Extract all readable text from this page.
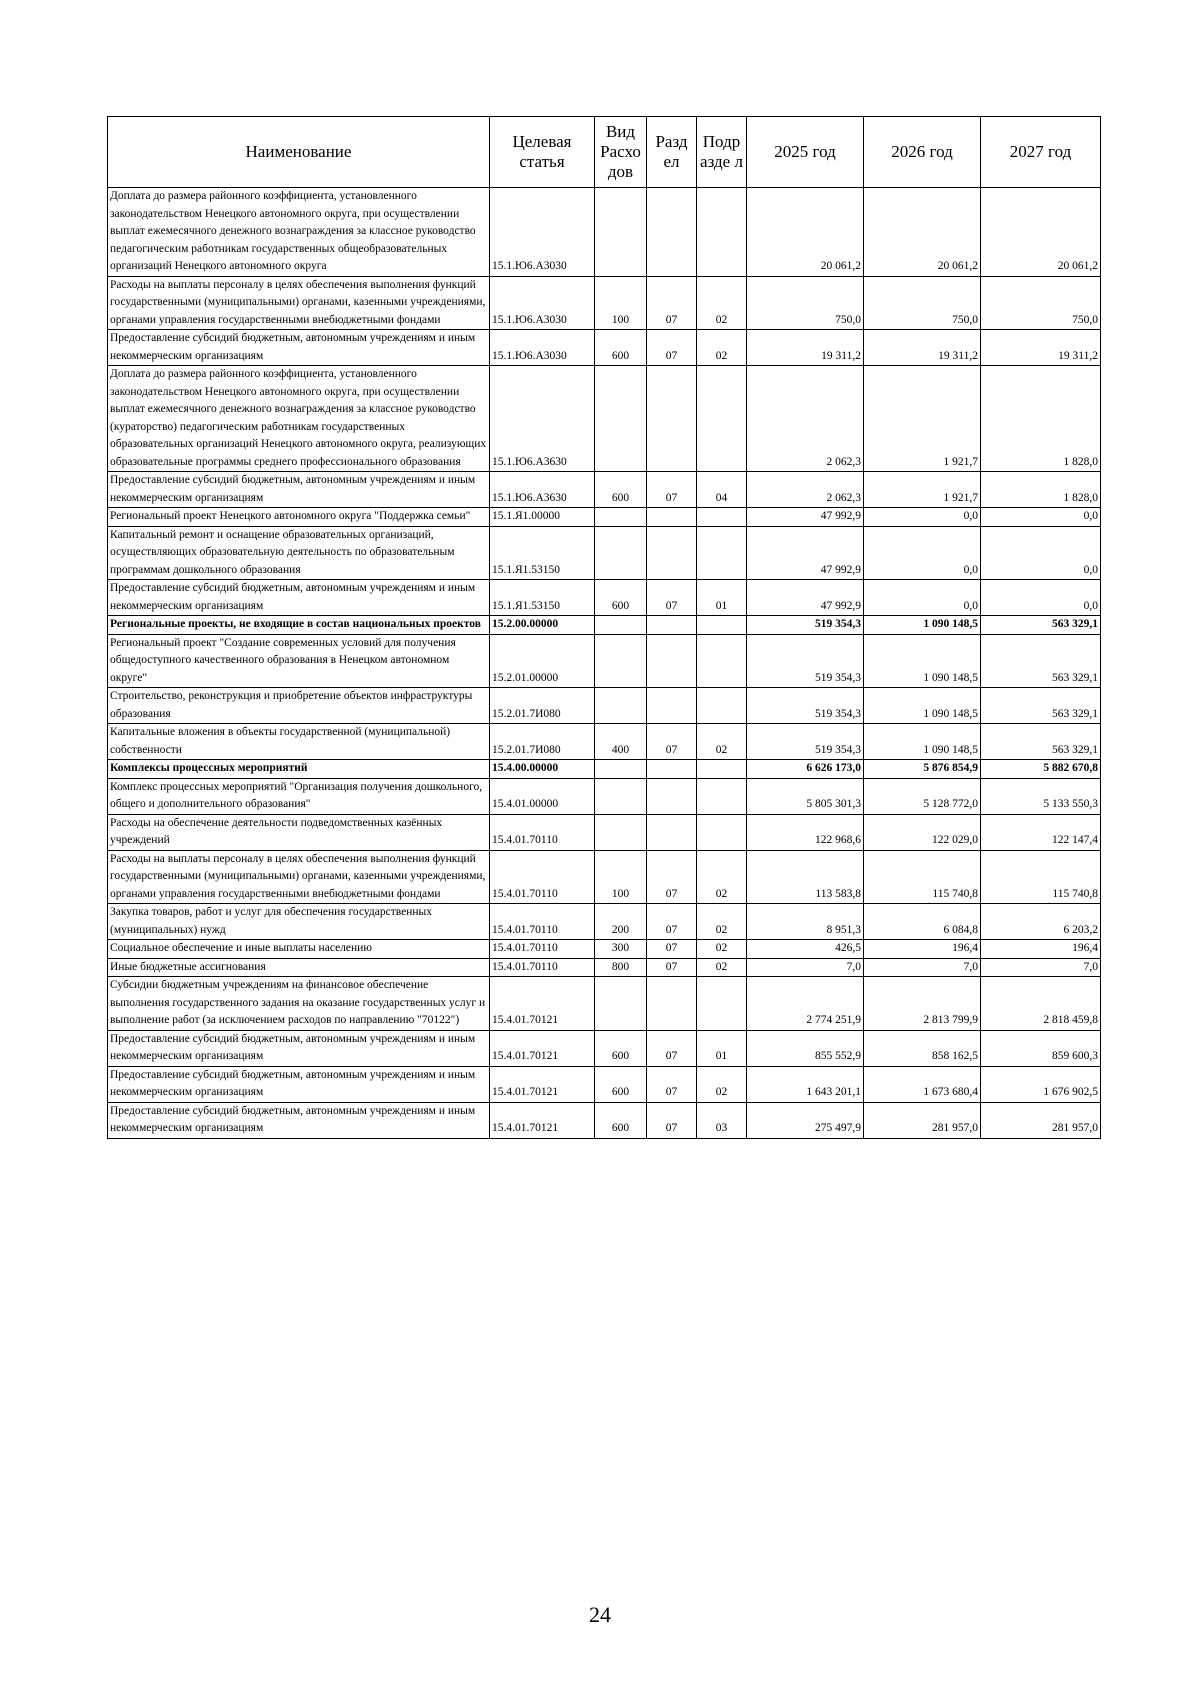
Наименование	Целевая статья	Вид Расхо дов	Разд ел	Подр азде л	2025 год	2026 год	2027 год
Доплата до размера районного коэффициента, установленного законодательством Ненецкого автономного округа, при осуществлении выплат ежемесячного денежного вознаграждения за классное руководство педагогическим работникам государственных общеобразовательных организаций Ненецкого автономного округа	15.1.Ю6.А3030				20 061,2	20 061,2	20 061,2
Расходы на выплаты персоналу в целях обеспечения выполнения функций государственными (муниципальными) органами, казенными учреждениями, органами управления государственными внебюджетными фондами	15.1.Ю6.А3030	100	07	02	750,0	750,0	750,0
Предоставление субсидий бюджетным, автономным учреждениям и иным некоммерческим организациям	15.1.Ю6.А3030	600	07	02	19 311,2	19 311,2	19 311,2
Доплата до размера районного коэффициента, установленного законодательством Ненецкого автономного округа, при осуществлении выплат ежемесячного денежного вознаграждения за классное руководство (кураторство) педагогическим работникам государственных образовательных организаций Ненецкого автономного округа, реализующих образовательные программы среднего профессионального образования	15.1.Ю6.А3630				2 062,3	1 921,7	1 828,0
Предоставление субсидий бюджетным, автономным учреждениям и иным некоммерческим организациям	15.1.Ю6.А3630	600	07	04	2 062,3	1 921,7	1 828,0
Региональный проект Ненецкого автономного округа "Поддержка семьи"	15.1.Я1.00000				47 992,9	0,0	0,0
Капитальный ремонт и оснащение образовательных организаций, осуществляющих образовательную деятельность по образовательным программам дошкольного образования	15.1.Я1.53150				47 992,9	0,0	0,0
Предоставление субсидий бюджетным, автономным учреждениям и иным некоммерческим организациям	15.1.Я1.53150	600	07	01	47 992,9	0,0	0,0
Региональные проекты, не входящие в состав национальных проектов	15.2.00.00000				519 354,3	1 090 148,5	563 329,1
Региональный проект "Создание современных условий для получения общедоступного качественного образования в Ненецком автономном округе"	15.2.01.00000				519 354,3	1 090 148,5	563 329,1
Строительство, реконструкция и приобретение объектов инфраструктуры образования	15.2.01.7И080				519 354,3	1 090 148,5	563 329,1
Капитальные вложения в объекты государственной (муниципальной) собственности	15.2.01.7И080	400	07	02	519 354,3	1 090 148,5	563 329,1
Комплексы процессных мероприятий	15.4.00.00000				6 626 173,0	5 876 854,9	5 882 670,8
Комплекс процессных мероприятий "Организация получения дошкольного, общего и дополнительного образования"	15.4.01.00000				5 805 301,3	5 128 772,0	5 133 550,3
Расходы на обеспечение деятельности подведомственных казённых учреждений	15.4.01.70110				122 968,6	122 029,0	122 147,4
Расходы на выплаты персоналу в целях обеспечения выполнения функций государственными (муниципальными) органами, казенными учреждениями, органами управления государственными внебюджетными фондами	15.4.01.70110	100	07	02	113 583,8	115 740,8	115 740,8
Закупка товаров, работ и услуг для обеспечения государственных (муниципальных) нужд	15.4.01.70110	200	07	02	8 951,3	6 084,8	6 203,2
Социальное обеспечение и иные выплаты населению	15.4.01.70110	300	07	02	426,5	196,4	196,4
Иные бюджетные ассигнования	15.4.01.70110	800	07	02	7,0	7,0	7,0
Субсидии бюджетным учреждениям на финансовое обеспечение выполнения государственного задания на оказание государственных услуг и выполнение работ (за исключением расходов по направлению "70122")	15.4.01.70121				2 774 251,9	2 813 799,9	2 818 459,8
Предоставление субсидий бюджетным, автономным учреждениям и иным некоммерческим организациям	15.4.01.70121	600	07	01	855 552,9	858 162,5	859 600,3
Предоставление субсидий бюджетным, автономным учреждениям и иным некоммерческим организациям	15.4.01.70121	600	07	02	1 643 201,1	1 673 680,4	1 676 902,5
Предоставление субсидий бюджетным, автономным учреждениям и иным некоммерческим организациям	15.4.01.70121	600	07	03	275 497,9	281 957,0	281 957,0
24
